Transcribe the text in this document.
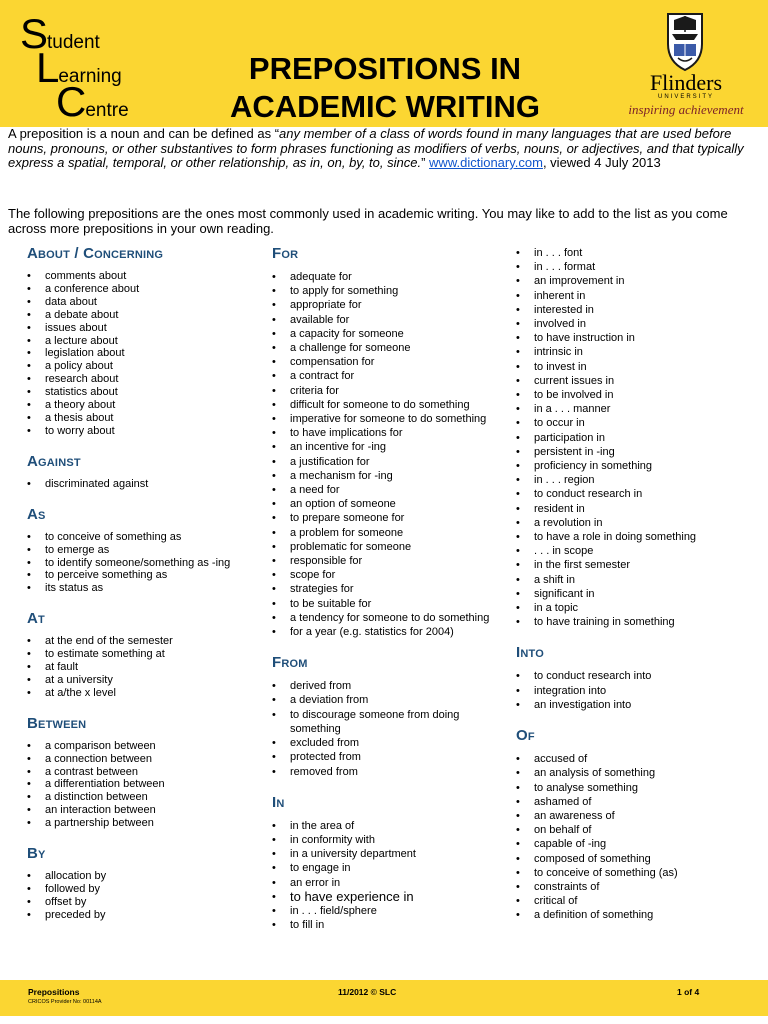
Student
Learning
Centre
PREPOSITIONS IN
ACADEMIC WRITING
Flinders
UNIVERSITY
inspiring achievement

A preposition is a noun and can be defined as “any member of a class of words found in many languages that are used before nouns, pronouns, or other substantives to form phrases functioning as modifiers of verbs, nouns, or adjectives, and that typically express a spatial, temporal, or other relationship, as in, on, by, to, since.” www.dictionary.com, viewed 4 July 2013

The following prepositions are the ones most commonly used in academic writing. You may like to add to the list as you come across more prepositions in your own reading.

About / Concerning
• comments about
• a conference about
• data about
• a debate about
• issues about
• a lecture about
• legislation about
• a policy about
• research about
• statistics about
• a theory about
• a thesis about
• to worry about
Against
• discriminated against
As
• to conceive of something as
• to emerge as
• to identify someone/something as -ing
• to perceive something as
• its status as
At
• at the end of the semester
• to estimate something at
• at fault
• at a university
• at a/the x level
Between
• a comparison between
• a connection between
• a contrast between
• a differentiation between
• a distinction between
• an interaction between
• a partnership between
By
• allocation by
• followed by
• offset by
• preceded by
For
• adequate for
• to apply for something
• appropriate for
• available for
• a capacity for someone
• a challenge for someone
• compensation for
• a contract for
• criteria for
• difficult for someone to do something
• imperative for someone to do something
• to have implications for
• an incentive for -ing
• a justification for
• a mechanism for -ing
• a need for
• an option of someone
• to prepare someone for
• a problem for someone
• problematic for someone
• responsible for
• scope for
• strategies for
• to be suitable for
• a tendency for someone to do something
• for a year (e.g. statistics for 2004)
From
• derived from
• a deviation from
• to discourage someone from doing something
• excluded from
• protected from
• removed from
In
• in the area of
• in conformity with
• in a university department
• to engage in
• an error in
• to have experience in
• in . . . field/sphere
• to fill in
• in . . . font
• in . . . format
• an improvement in
• inherent in
• interested in
• involved in
• to have instruction in
• intrinsic in
• to invest in
• current issues in
• to be involved in
• in a . . . manner
• to occur in
• participation in
• persistent in -ing
• proficiency in something
• in . . . region
• to conduct research in
• resident in
• a revolution in
• to have a role in doing something
• . . . in scope
• in the first semester
• a shift in
• significant in
• in a topic
• to have training in something
Into
• to conduct research into
• integration into
• an investigation into
Of
• accused of
• an analysis of something
• to analyse something
• ashamed of
• an awareness of
• on behalf of
• capable of -ing
• composed of something
• to conceive of something (as)
• constraints of
• critical of
• a definition of something
Prepositions
CRICOS Provider No: 00114A
11/2012 © SLC	1 of 4
